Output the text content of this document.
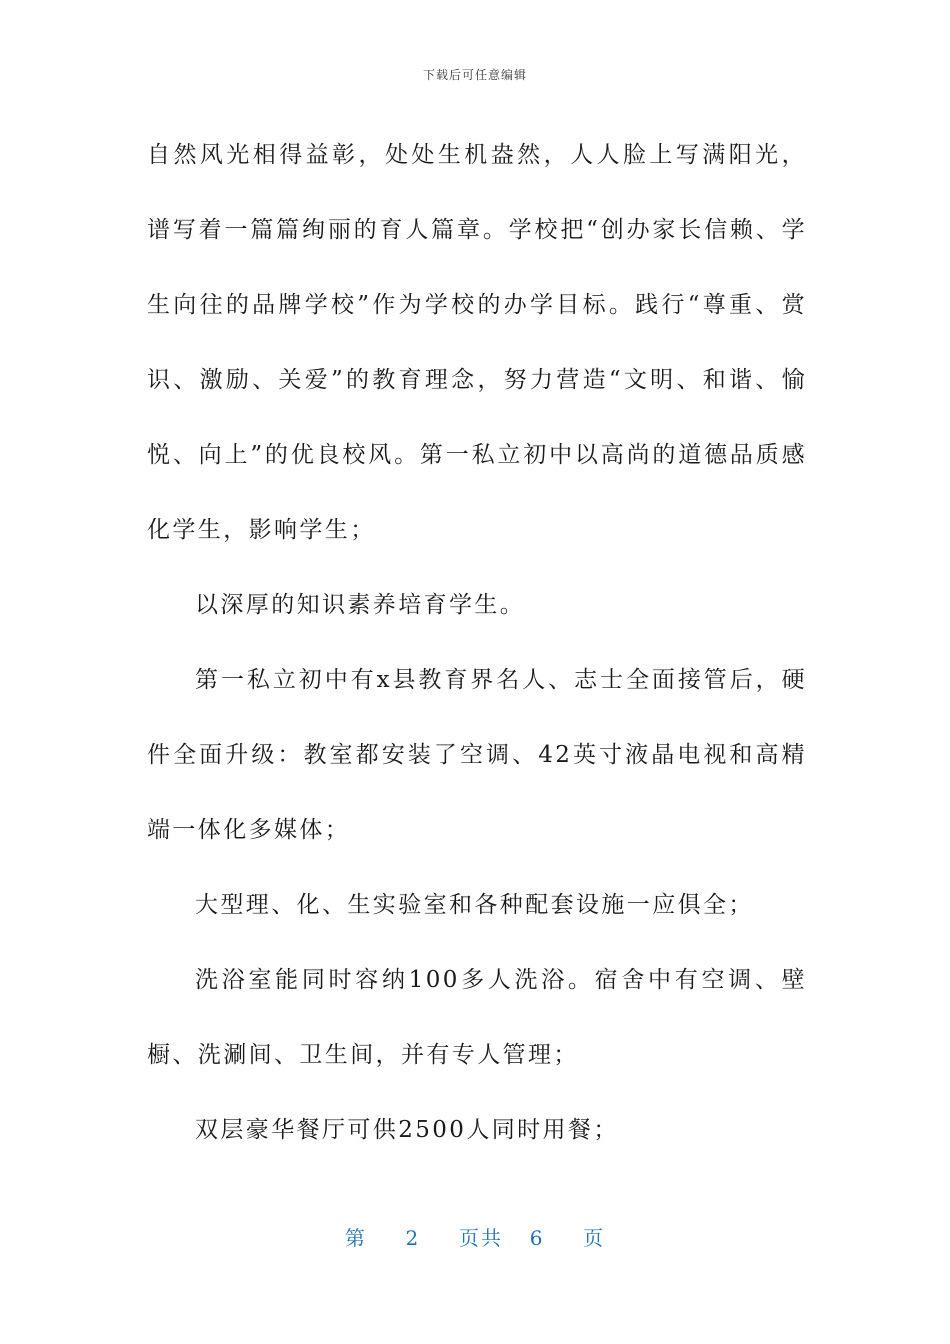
下载后可任意编辑

自然风光相得益彰，处处生机盎然，人人脸上写满阳光，谱写着一篇篇绚丽的育人篇章。学校把“创办家长信赖、学生向往的品牌学校”作为学校的办学目标。践行“尊重、赏识、激励、关爱”的教育理念，努力营造“文明、和谐、愉悦、向上”的优良校风。第一私立初中以高尚的道德品质感化学生，影响学生；

以深厚的知识素养培育学生。

第一私立初中有x县教育界名人、志士全面接管后，硬件全面升级：教室都安装了空调、42英寸液晶电视和高精端一体化多媒体；

大型理、化、生实验室和各种配套设施一应俱全；

洗浴室能同时容纳100多人洗浴。宿舍中有空调、壁橱、洗涮间、卫生间，并有专人管理；

双层豪华餐厅可供2500人同时用餐；

第 2 页共 6 页
